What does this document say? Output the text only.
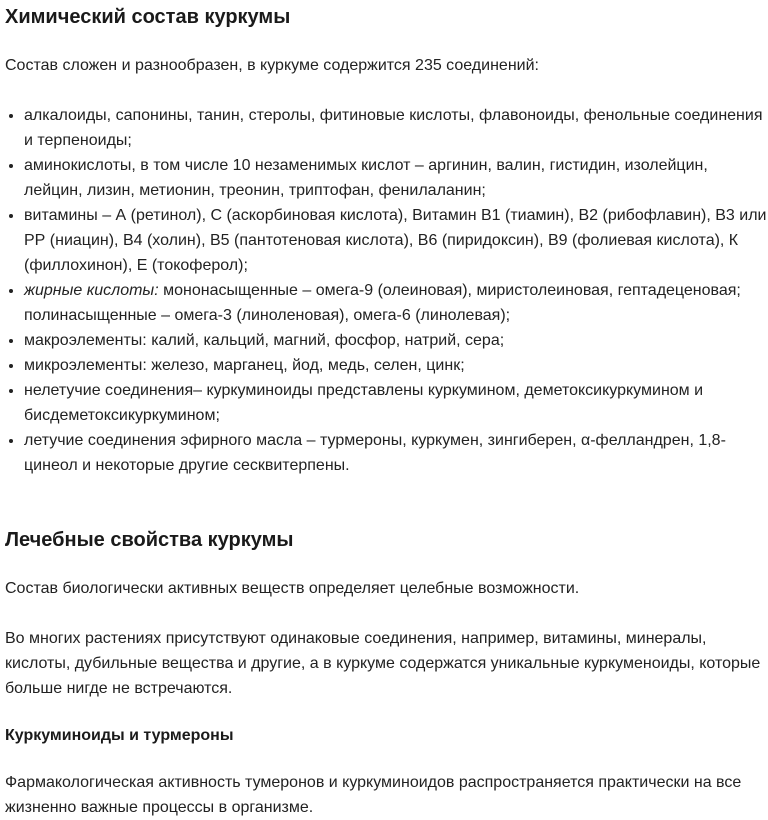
Химический состав куркумы

Состав сложен и разнообразен, в куркуме содержится 235 соединений:

• алкалоиды, сапонины, танин, стеролы, фитиновые кислоты, флавоноиды, фенольные соединения и терпеноиды;
• аминокислоты, в том числе 10 незаменимых кислот – аргинин, валин, гистидин, изолейцин, лейцин, лизин, метионин, треонин, триптофан, фенилаланин;
• витамины – А (ретинол), С (аскорбиновая кислота), Витамин В1 (тиамин), В2 (рибофлавин), В3 или РР (ниацин), В4 (холин), В5 (пантотеновая кислота), В6 (пиридоксин), В9 (фолиевая кислота), К (филлохинон), Е (токоферол);
• жирные кислоты: мононасыщенные – омега-9 (олеиновая), миристолеиновая, гептадеценовая; полинасыщенные – омега-3 (линоленовая), омега-6 (линолевая);
• макроэлементы: калий, кальций, магний, фосфор, натрий, сера;
• микроэлементы: железо, марганец, йод, медь, селен, цинк;
• нелетучие соединения– куркуминоиды представлены куркумином, деметоксикуркумином и бисдеметоксикуркумином;
• летучие соединения эфирного масла – турмероны, куркумен, зингиберен, α-фелландрен, 1,8-цинеол и некоторые другие сесквитерпены.
Лечебные свойства куркумы

Состав биологически активных веществ определяет целебные возможности.

Во многих растениях присутствуют одинаковые соединения, например, витамины, минералы, кислоты, дубильные вещества и другие, а в куркуме содержатся уникальные куркуменоиды, которые больше нигде не встречаются.

Куркуминоиды и турмероны

Фармакологическая активность тумеронов и куркуминоидов распространяется практически на все жизненно важные процессы в организме.
